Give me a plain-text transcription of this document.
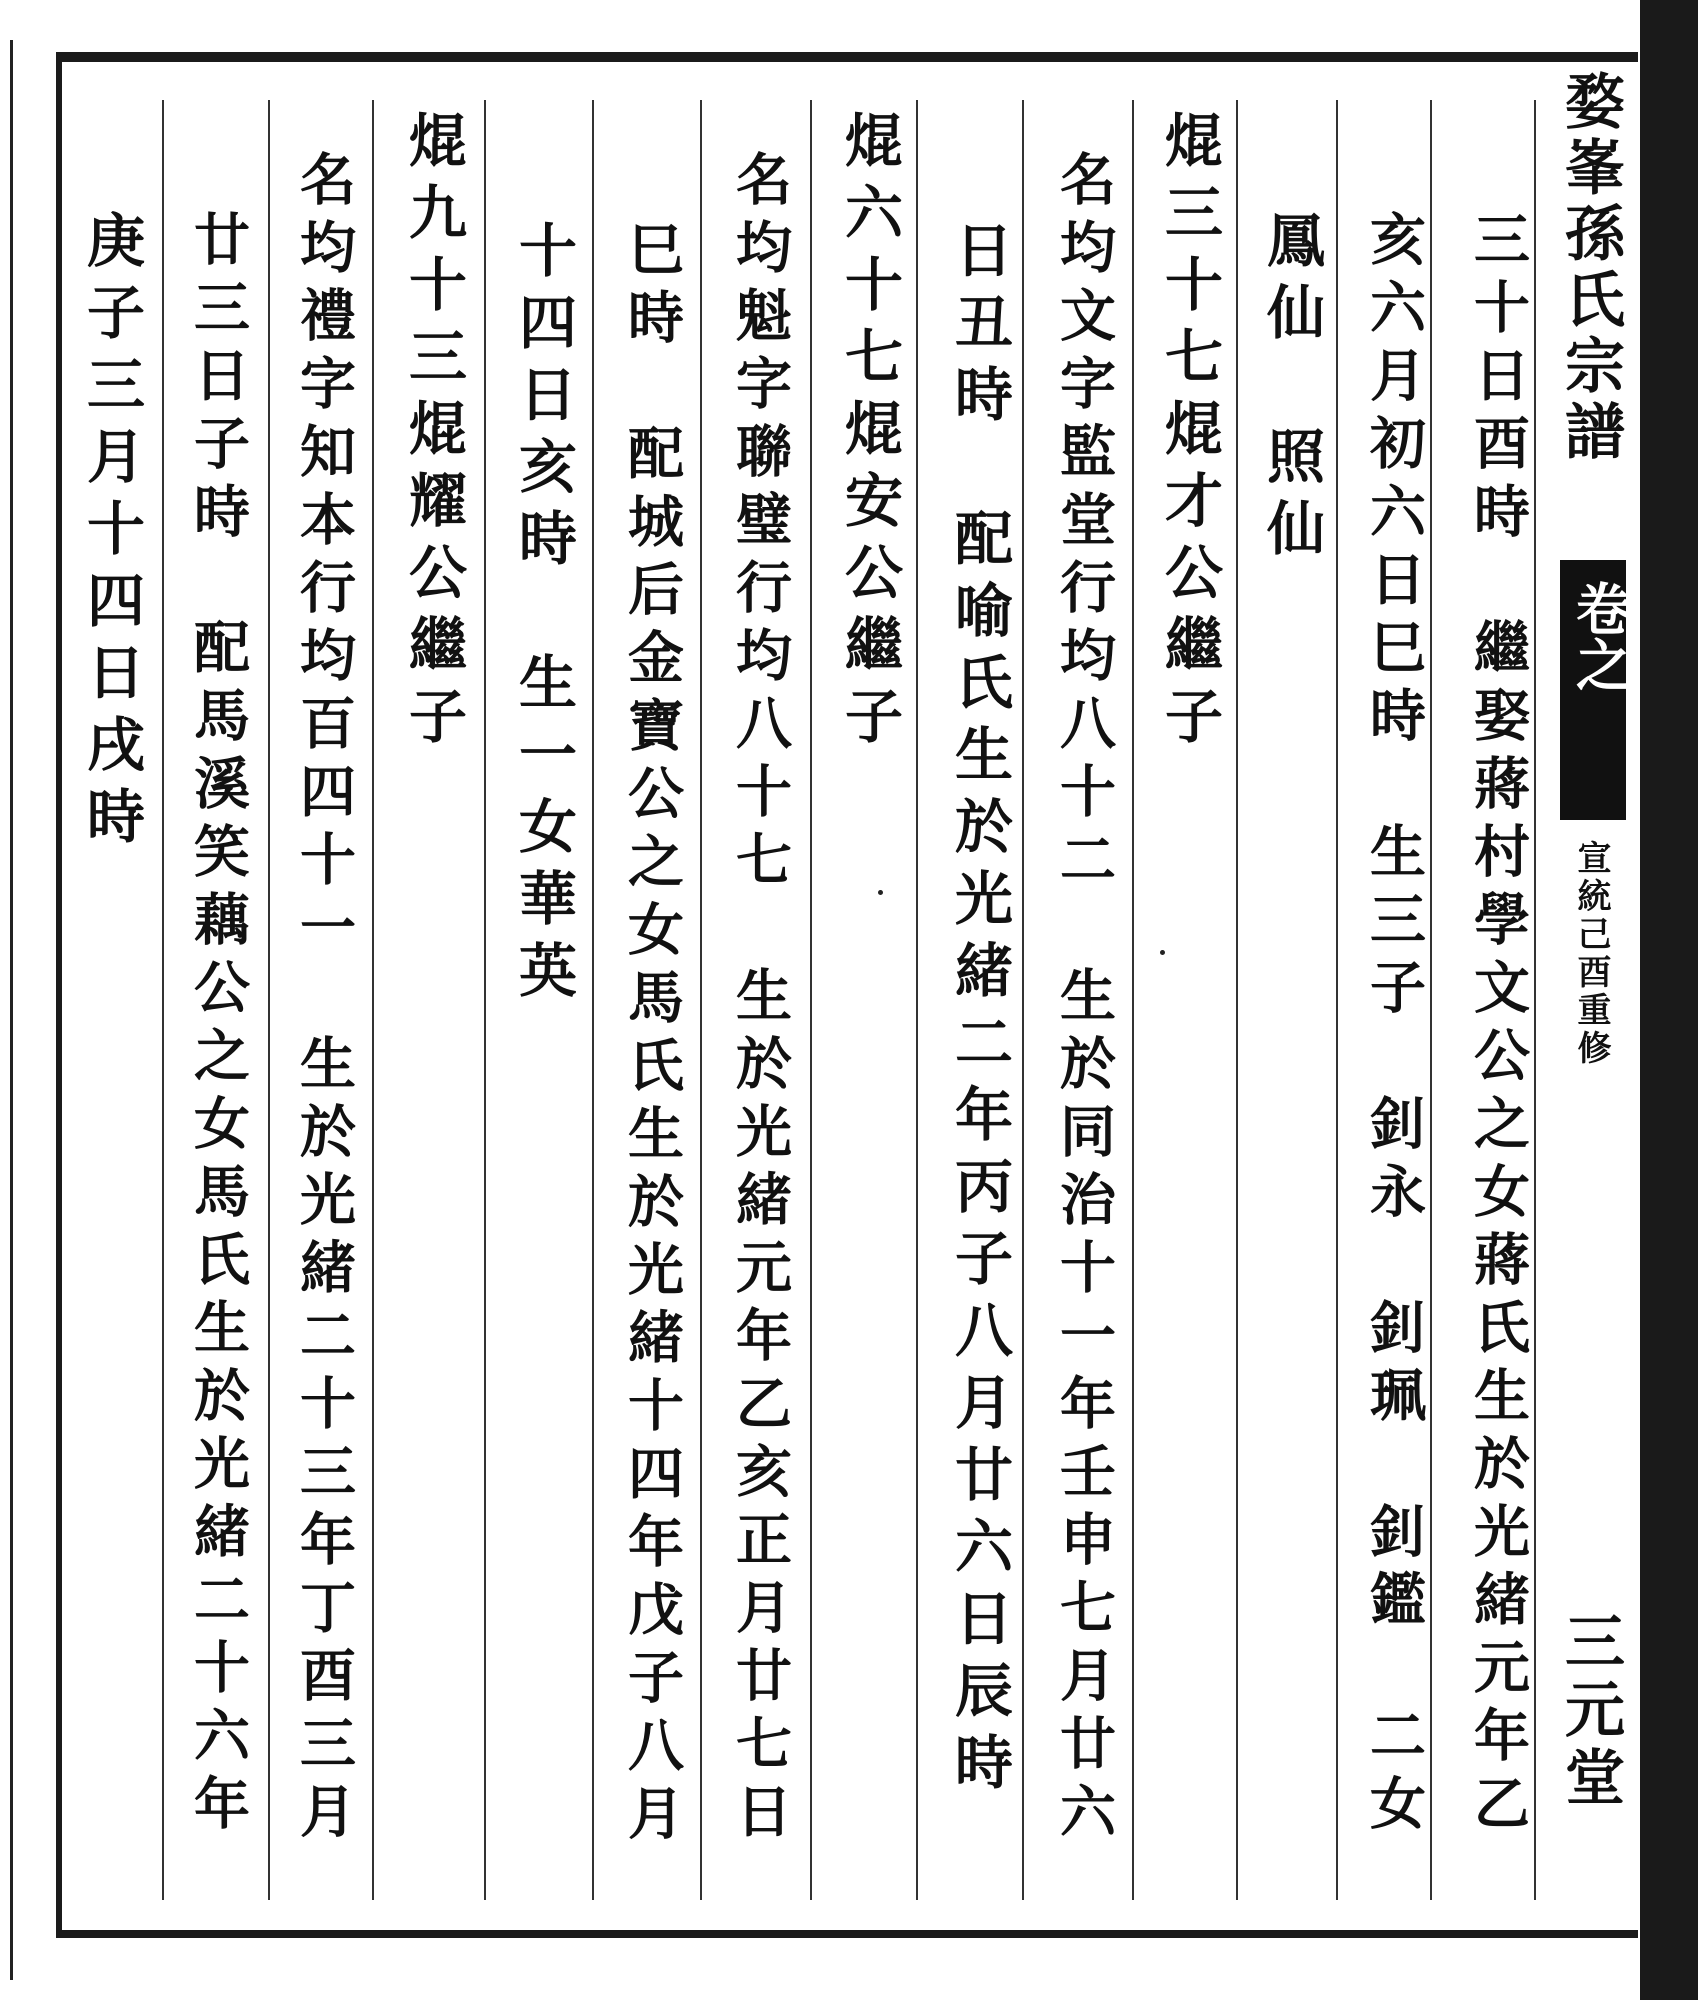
婺峯孫氏宗譜
卷之
宣統己酉重修
三元堂
三十日酉時　繼娶蔣村學文公之女蔣氏生於光緒元年乙
亥六月初六日巳時　生三子　釗永　釗珮　釗鑑　二女
鳳仙　照仙
焜三十七焜才公繼子
名均文字監堂行均八十二　生於同治十一年壬申七月廿六
日丑時　配喻氏生於光緒二年丙子八月廿六日辰時
焜六十七焜安公繼子
名均魁字聯璧行均八十七　生於光緒元年乙亥正月廿七日
巳時　配城后金寶公之女馬氏生於光緒十四年戊子八月
十四日亥時　生一女華英
焜九十三焜耀公繼子
名均禮字知本行均百四十一　生於光緒二十三年丁酉三月
廿三日子時　配馬溪笑藕公之女馬氏生於光緒二十六年
庚子三月十四日戌時
